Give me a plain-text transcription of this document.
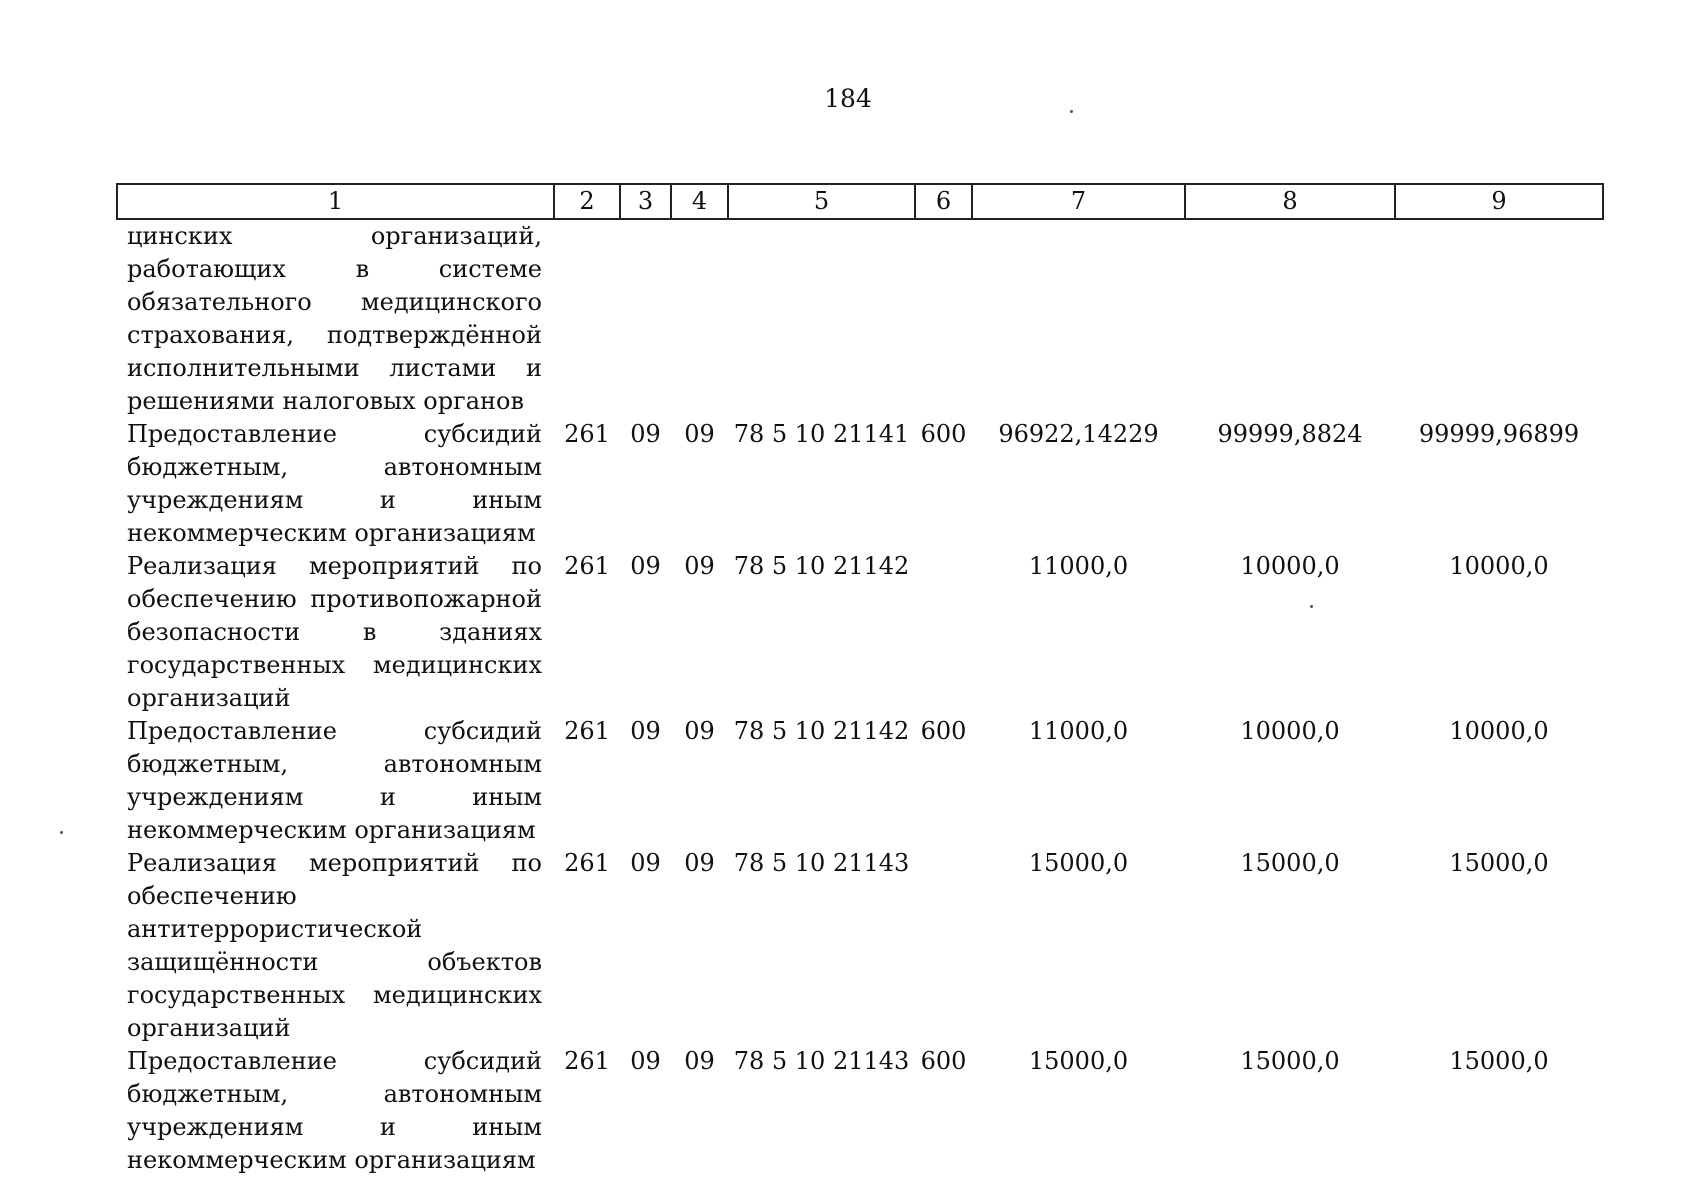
184
1	2	3	4	5	6	7	8	9

цинских организаций, работающих в системе обязательного медицинского страхования, подтверждённой исполнительными листами и решениями налоговых органов								

Предоставление субсидий бюджетным, автономным учреждениям и иным некоммерческим организациям	261	09	09	78 5 10 21141	600	96922,14229	99999,8824	99999,96899

Реализация мероприятий по обеспечению противопожарной безопасности в зданиях государственных медицинских организаций	261	09	09	78 5 10 21142		11000,0	10000,0	10000,0

Предоставление субсидий бюджетным, автономным учреждениям и иным некоммерческим организациям	261	09	09	78 5 10 21142	600	11000,0	10000,0	10000,0

Реализация мероприятий по обеспечению антитеррористической защищённости объектов государственных медицинских организаций	261	09	09	78 5 10 21143		15000,0	15000,0	15000,0

Предоставление субсидий бюджетным, автономным учреждениям и иным некоммерческим организациям	261	09	09	78 5 10 21143	600	15000,0	15000,0	15000,0
